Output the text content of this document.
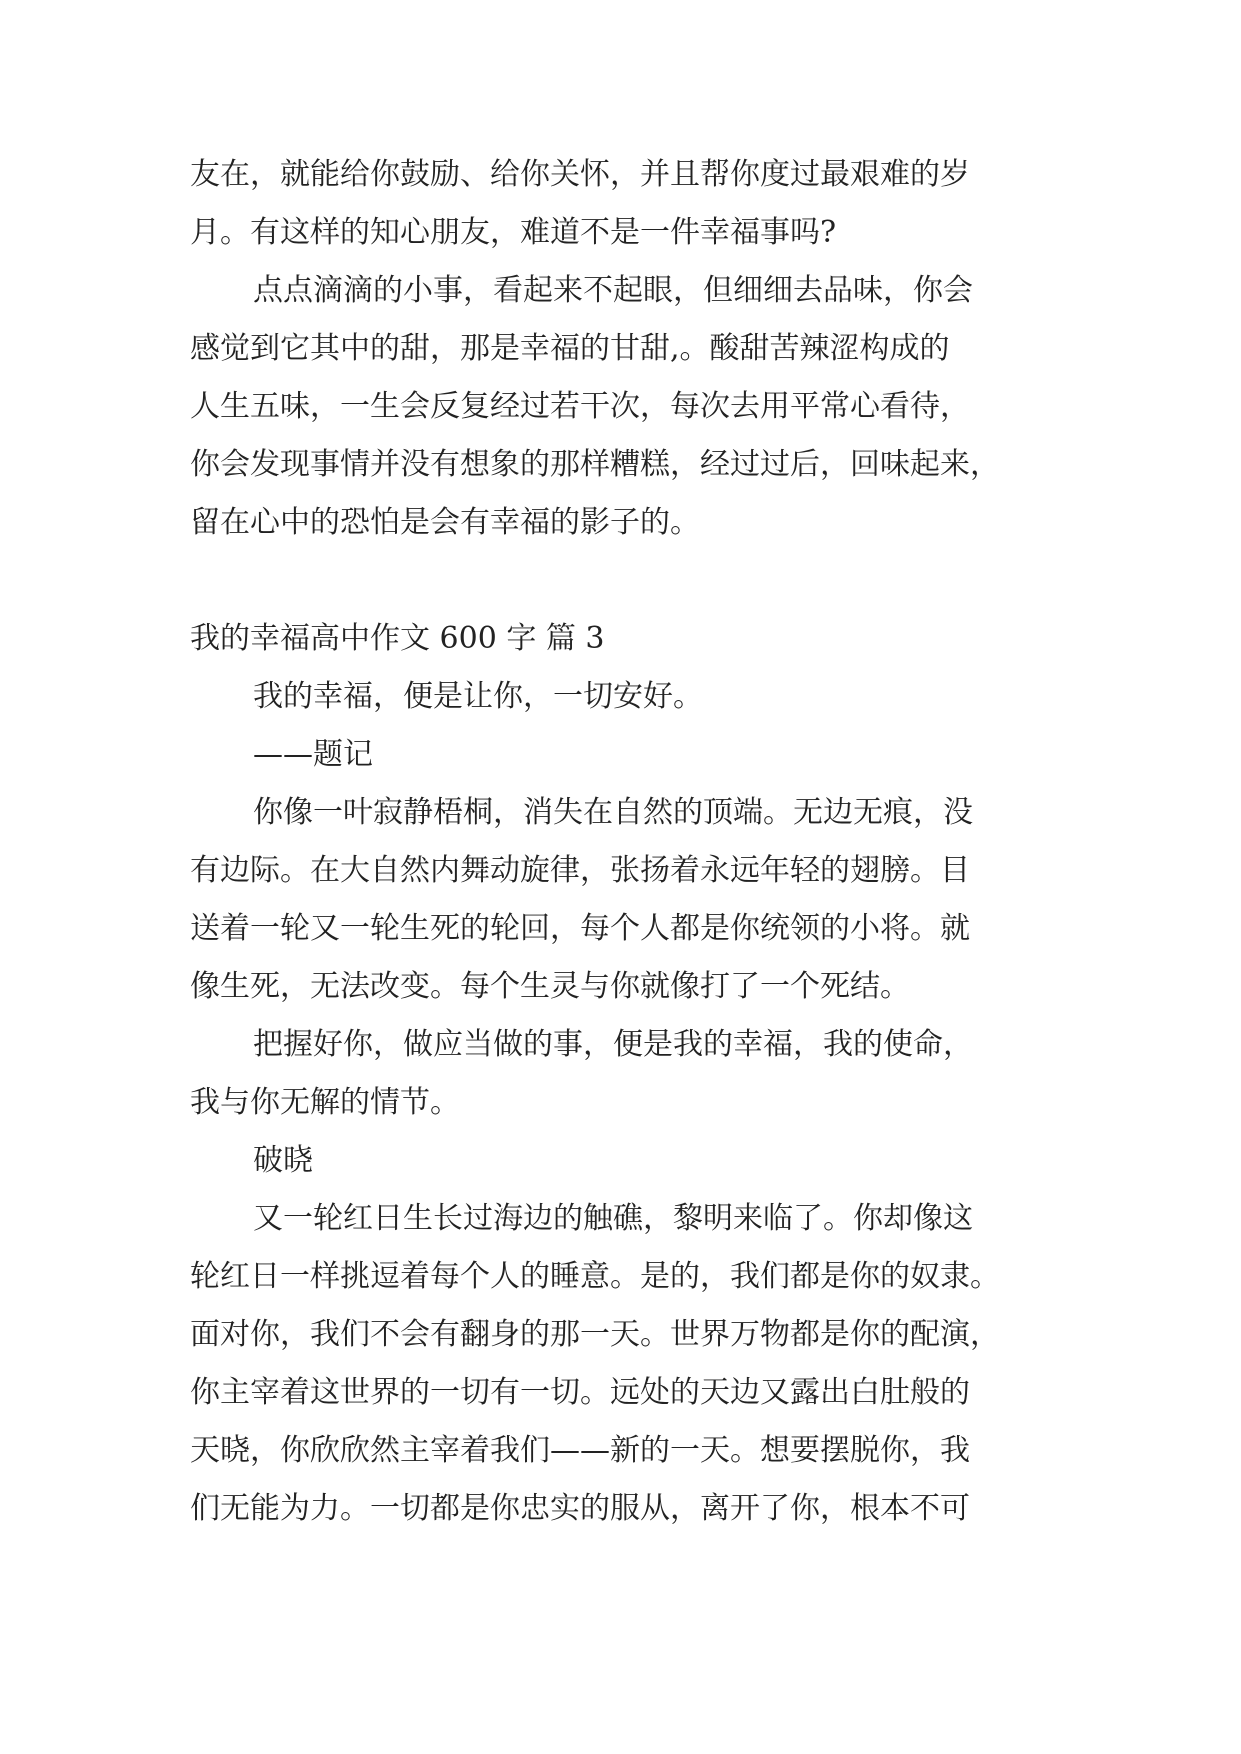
友在，就能给你鼓励、给你关怀，并且帮你度过最艰难的岁
月。有这样的知心朋友，难道不是一件幸福事吗?
点点滴滴的小事，看起来不起眼，但细细去品味，你会
感觉到它其中的甜，那是幸福的甘甜,。酸甜苦辣涩构成的
人生五味，一生会反复经过若干次，每次去用平常心看待，
你会发现事情并没有想象的那样糟糕，经过过后，回味起来，
留在心中的恐怕是会有幸福的影子的。
我的幸福高中作文 600 字 篇 3
我的幸福，便是让你，一切安好。
——题记
你像一叶寂静梧桐，消失在自然的顶端。无边无痕，没
有边际。在大自然内舞动旋律，张扬着永远年轻的翅膀。目
送着一轮又一轮生死的轮回，每个人都是你统领的小将。就
像生死，无法改变。每个生灵与你就像打了一个死结。
把握好你，做应当做的事，便是我的幸福，我的使命，
我与你无解的情节。
破晓
又一轮红日生长过海边的触礁，黎明来临了。你却像这
轮红日一样挑逗着每个人的睡意。是的，我们都是你的奴隶。
面对你，我们不会有翻身的那一天。世界万物都是你的配演，
你主宰着这世界的一切有一切。远处的天边又露出白肚般的
天晓，你欣欣然主宰着我们——新的一天。想要摆脱你，我
们无能为力。一切都是你忠实的服从，离开了你，根本不可
